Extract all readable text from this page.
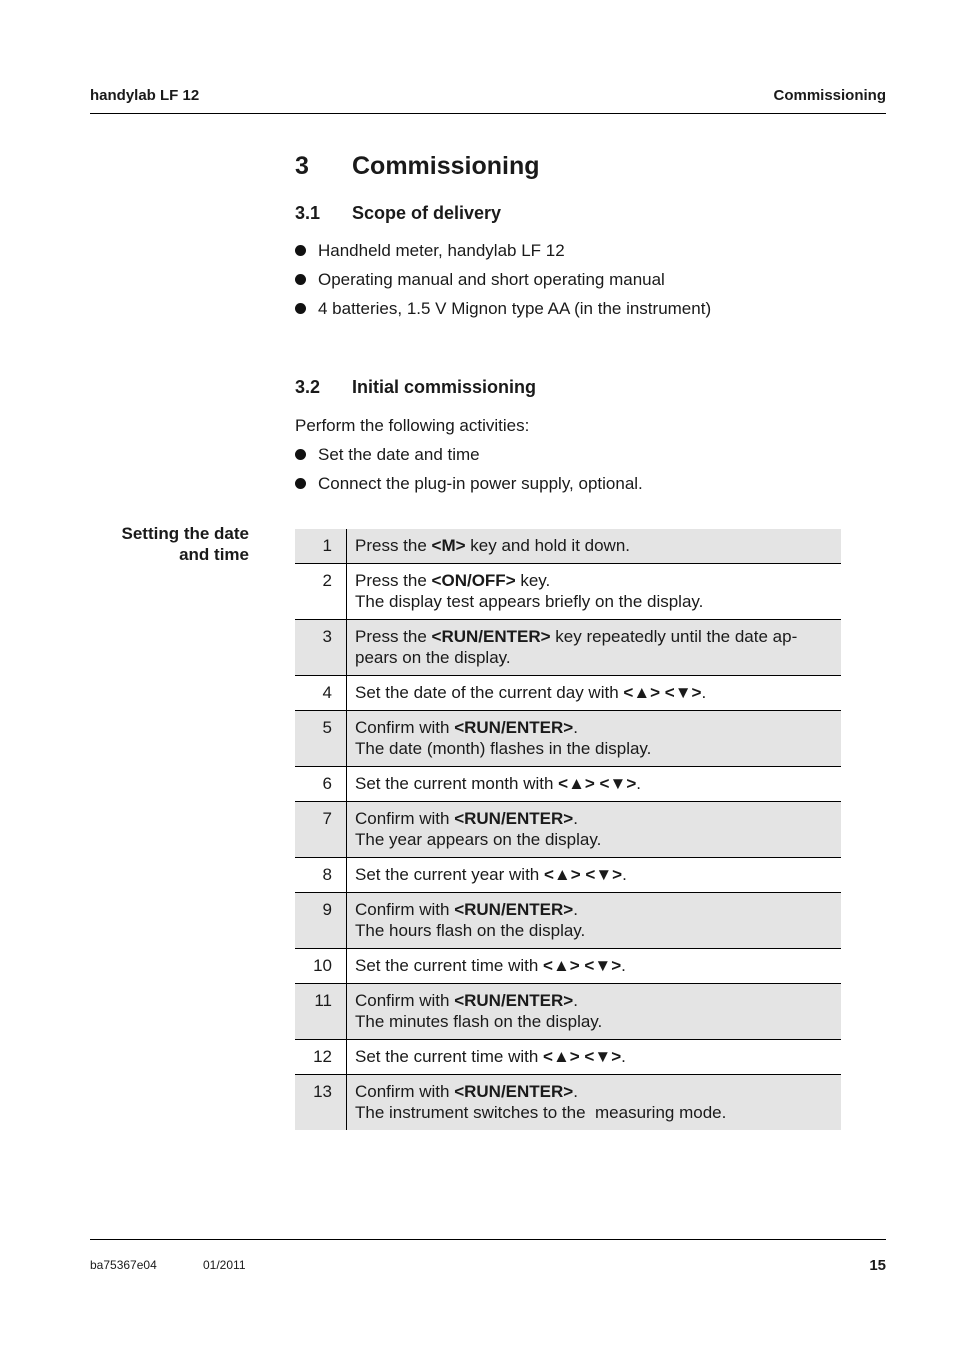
handylab LF 12	Commissioning
3 Commissioning
3.1 Scope of delivery
Handheld meter, handylab LF 12
Operating manual and short operating manual
4 batteries, 1.5 V Mignon type AA (in the instrument)
3.2 Initial commissioning
Perform the following activities:
Set the date and time
Connect the plug-in power supply, optional.
Setting the date
and time	1	Press the <M> key and hold it down.

2	Press the <ON/OFF> key.
The display test appears briefly on the display.

3	Press the <RUN/ENTER> key repeatedly until the date ap-
pears on the display.

4	Set the date of the current day with <▲> <▼>.

5	Confirm with <RUN/ENTER>.
The date (month) flashes in the display.

6	Set the current month with <▲> <▼>.

7	Confirm with <RUN/ENTER>.
The year appears on the display.

8	Set the current year with <▲> <▼>.

9	Confirm with <RUN/ENTER>.
The hours flash on the display.

10	Set the current time with <▲> <▼>.

11	Confirm with <RUN/ENTER>.
The minutes flash on the display.

12	Set the current time with <▲> <▼>.

13	Confirm with <RUN/ENTER>.
The instrument switches to the  measuring mode.
ba75367e04	01/2011	15
